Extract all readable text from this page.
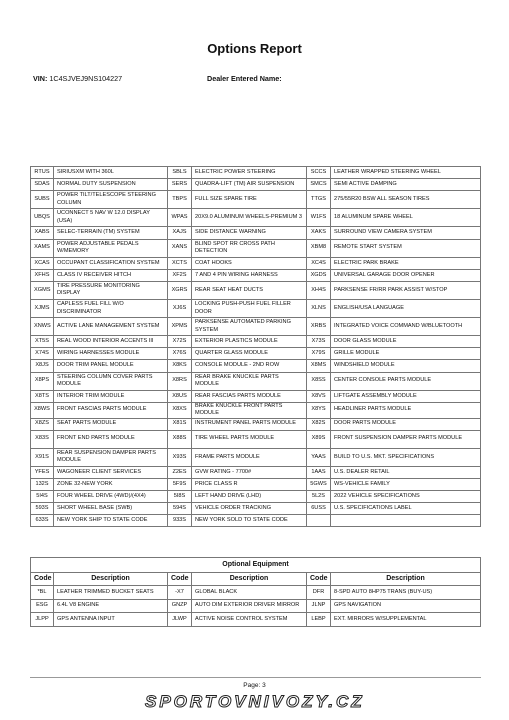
Options Report
VIN: 1C4SJVEJ9NS104227	Dealer Entered Name:
RTUS	SIRIUSXM WITH 360L	SBLS	ELECTRIC POWER STEERING	SCCS	LEATHER WRAPPED STEERING WHEEL
SDAS	NORMAL DUTY SUSPENSION	SERS	QUADRA-LIFT (TM) AIR SUSPENSION	SMCS	SEMI ACTIVE DAMPING
SUBS	POWER TILT/TELESCOPE STEERING COLUMN	TBPS	FULL SIZE SPARE TIRE	TTGS	275/55R20 BSW ALL SEASON TIRES
UBQS	UCONNECT 5 NAV W 12.0 DISPLAY (USA)	WPAS	20X9.0 ALUMINUM WHEELS-PREMIUM 3	W1FS	18 ALUMINUM SPARE WHEEL
XABS	SELEC-TERRAIN (TM) SYSTEM	XAJS	SIDE DISTANCE WARNING	XAKS	SURROUND VIEW CAMERA SYSTEM
XAMS	POWER ADJUSTABLE PEDALS W/MEMORY	XANS	BLIND SPOT RR CROSS PATH DETECTION	XBM8	REMOTE START SYSTEM
XCAS	OCCUPANT CLASSIFICATION SYSTEM	XCTS	COAT HOOKS	XC4S	ELECTRIC PARK BRAKE
XFHS	CLASS IV RECEIVER HITCH	XF2S	7 AND 4 PIN WIRING HARNESS	XGDS	UNIVERSAL GARAGE DOOR OPENER
XGMS	TIRE PRESSURE MONITORING DISPLAY	XGRS	REAR SEAT HEAT DUCTS	XH4S	PARKSENSE FR/RR PARK ASSIST W/STOP
XJMS	CAPLESS FUEL FILL W/O DISCRIMINATOR	XJ6S	LOCKING PUSH-PUSH FUEL FILLER DOOR	XLNS	ENGLISH/USA LANGUAGE
XNWS	ACTIVE LANE MANAGEMENT SYSTEM	XPMS	PARKSENSE AUTOMATED PARKING SYSTEM	XRBS	INTEGRATED VOICE COMMAND W/BLUETOOTH
XT5S	REAL WOOD INTERIOR ACCENTS III	X72S	EXTERIOR PLASTICS MODULE	X73S	DOOR GLASS MODULE
X74S	WIRING HARNESSES MODULE	X76S	QUARTER GLASS MODULE	X79S	GRILLE MODULE
X8JS	DOOR TRIM PANEL MODULE	X8KS	CONSOLE MODULE - 2ND ROW	X8MS	WINDSHIELD MODULE
X8PS	STEERING COLUMN COVER PARTS MODULE	X8RS	REAR BRAKE KNUCKLE PARTS MODULE	X8SS	CENTER CONSOLE PARTS MODULE
X8TS	INTERIOR TRIM MODULE	X8US	REAR FASCIAS PARTS MODULE	X8VS	LIFTGATE ASSEMBLY MODULE
X8WS	FRONT FASCIAS PARTS MODULE	X8XS	BRAKE KNUCKLE FRONT PARTS MODULE	X8YS	HEADLINER PARTS MODULE
X8ZS	SEAT PARTS MODULE	X81S	INSTRUMENT PANEL PARTS MODULE	X82S	DOOR PARTS MODULE
X83S	FRONT END PARTS MODULE	X88S	TIRE WHEEL PARTS MODULE	X89S	FRONT SUSPENSION DAMPER PARTS MODULE
X91S	REAR SUSPENSION DAMPER PARTS MODULE	X93S	FRAME PARTS MODULE	YAAS	BUILD TO U.S. MKT. SPECIFICATIONS
YFES	WAGONEER CLIENT SERVICES	Z2ES	GVW RATING - 7700#	1AAS	U.S. DEALER RETAIL
132S	ZONE 32-NEW YORK	5F9S	PRICE CLASS R	5GWS	WS-VEHICLE FAMILY
5I4S	FOUR WHEEL DRIVE (4WD)/(4X4)	5I8S	LEFT HAND DRIVE (LHD)	5L2S	2022 VEHICLE SPECIFICATIONS
593S	SHORT WHEEL BASE (SWB)	594S	VEHICLE ORDER TRACKING	6USS	U.S. SPECIFICATIONS LABEL
633S	NEW YORK SHIP TO STATE CODE	933S	NEW YORK SOLD TO STATE CODE		
Optional Equipment					
Code	Description	Code	Description	Code	Description
*BL	LEATHER TRIMMED BUCKET SEATS	-X7	GLOBAL BLACK	DFR	8-SPD AUTO 8HP75 TRANS (BUY-US)
ESG	6.4L V8 ENGINE	GNZP	AUTO DIM EXTERIOR DRIVER MIRROR	JLNP	GPS NAVIGATION
JLPP	GPS ANTENNA INPUT	JLWP	ACTIVE NOISE CONTROL SYSTEM	LEBP	EXT. MIRRORS W/SUPPLEMENTAL
Page: 3
SPORTOVNIVOZY.CZ
